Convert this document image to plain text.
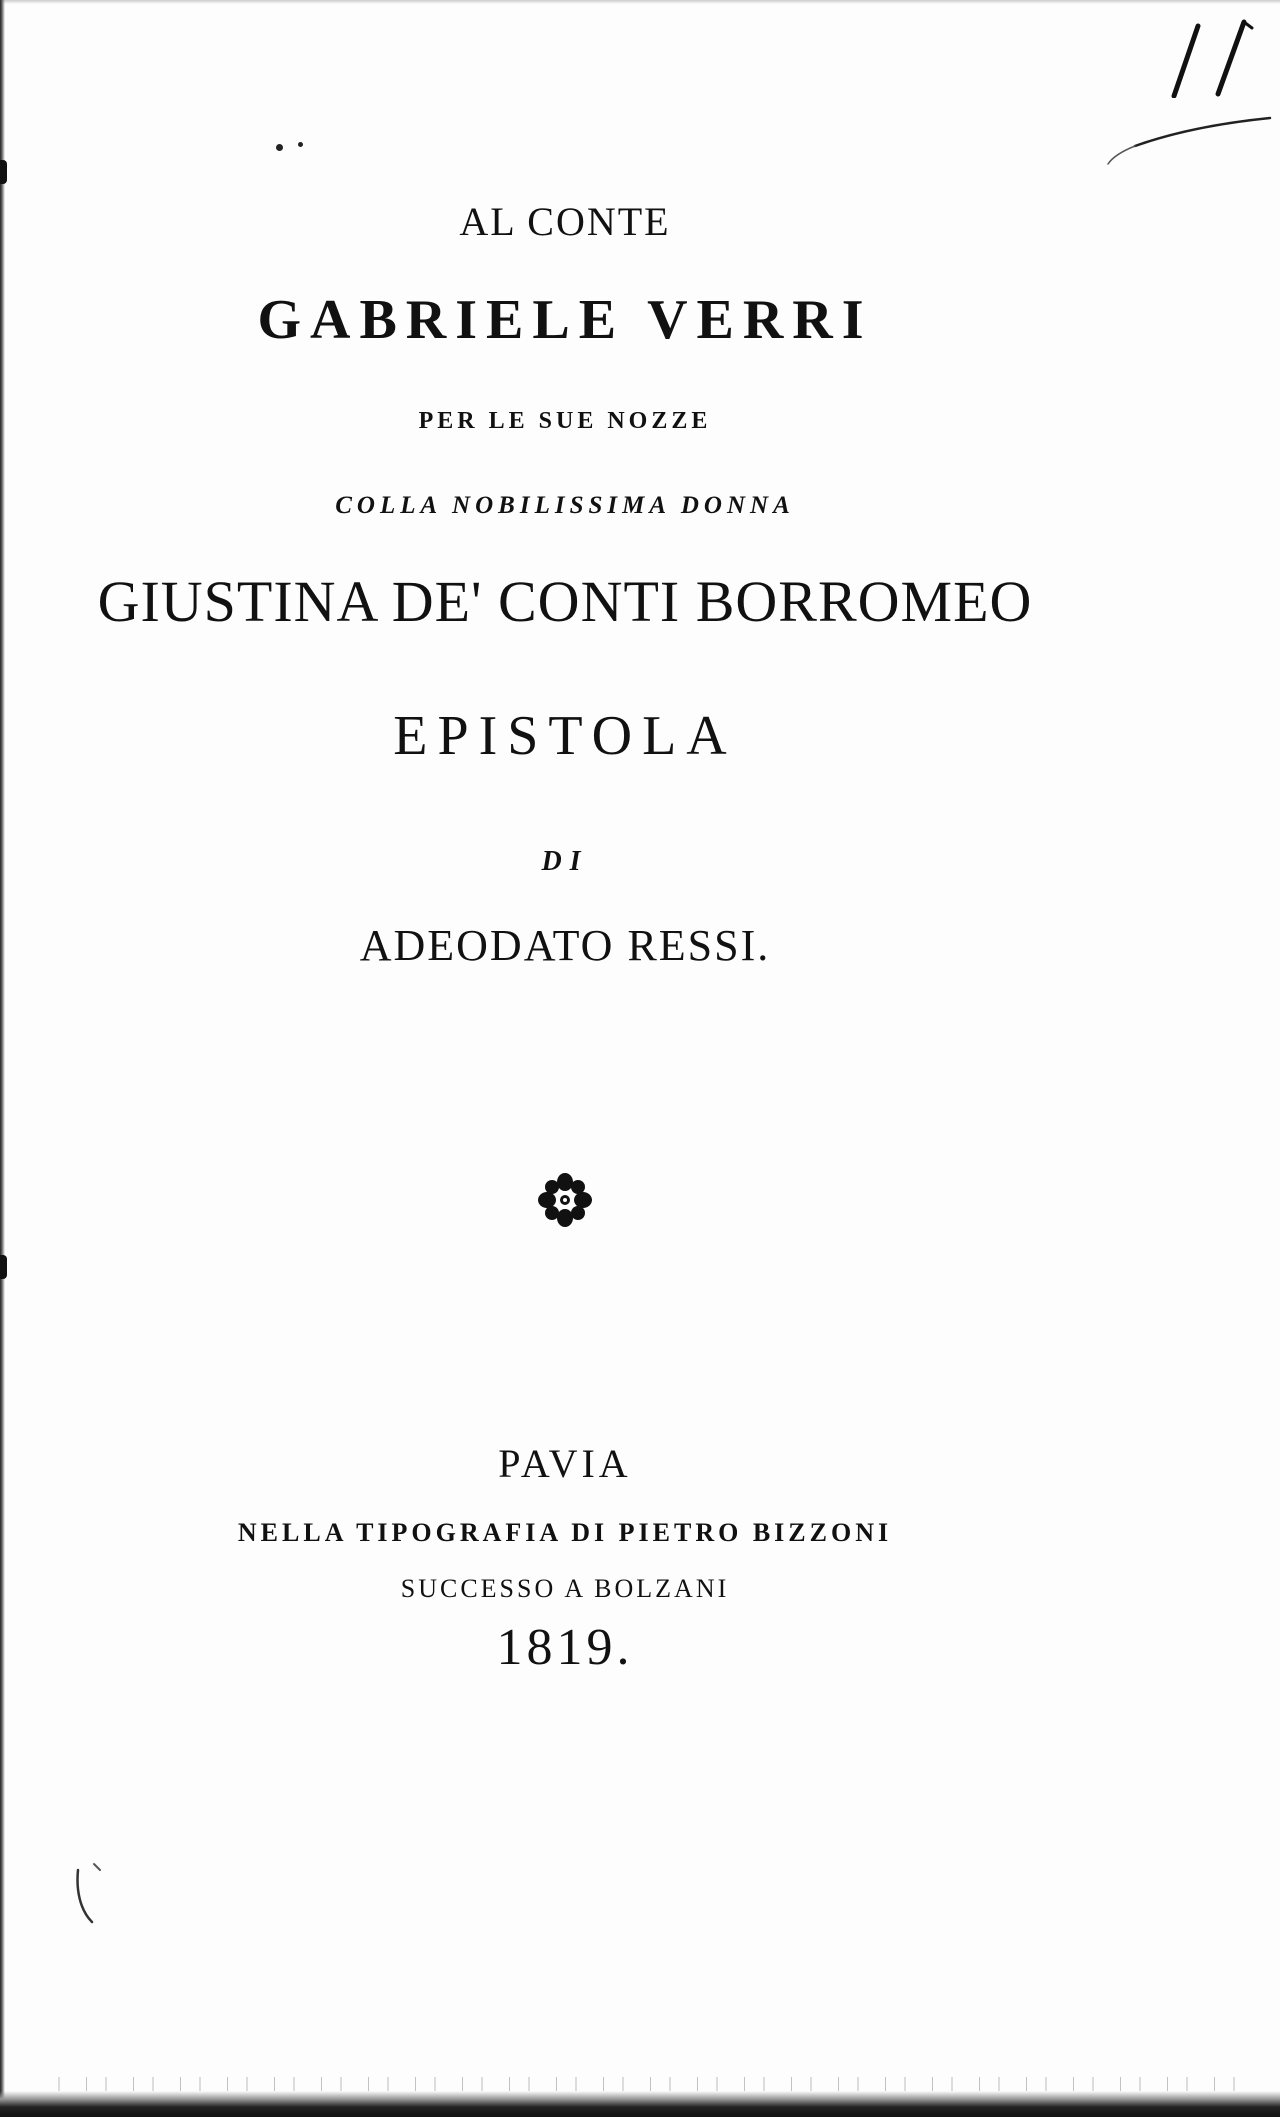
AL CONTE
GABRIELE VERRI
PER LE SUE NOZZE
COLLA NOBILISSIMA DONNA
GIUSTINA DE' CONTI BORROMEO
EPISTOLA
DI
ADEODATO RESSI.
PAVIA
NELLA TIPOGRAFIA DI PIETRO BIZZONI
SUCCESSO A BOLZANI
1819.
